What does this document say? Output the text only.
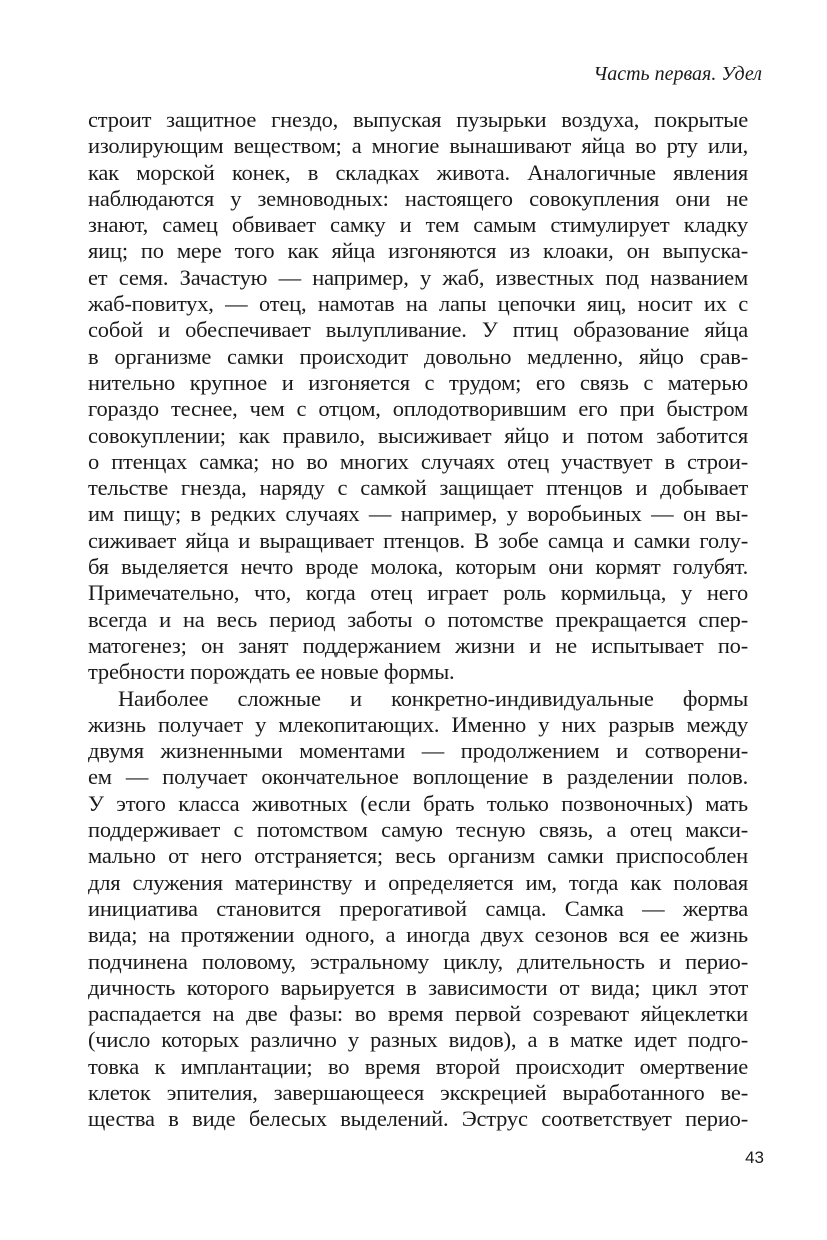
Часть первая. Удел
строит защитное гнездо, выпуская пузырьки воздуха, покрытые
изолирующим веществом; а многие вынашивают яйца во рту или,
как морской конек, в складках живота. Аналогичные явления
наблюдаются у земноводных: настоящего совокупления они не
знают, самец обвивает самку и тем самым стимулирует кладку
яиц; по мере того как яйца изгоняются из клоаки, он выпуска-
ет семя. Зачастую — например, у жаб, известных под названием
жаб-повитух, — отец, намотав на лапы цепочки яиц, носит их с
собой и обеспечивает вылупливание. У птиц образование яйца
в организме самки происходит довольно медленно, яйцо срав-
нительно крупное и изгоняется с трудом; его связь с матерью
гораздо теснее, чем с отцом, оплодотворившим его при быстром
совокуплении; как правило, высиживает яйцо и потом заботится
о птенцах самка; но во многих случаях отец участвует в строи-
тельстве гнезда, наряду с самкой защищает птенцов и добывает
им пищу; в редких случаях — например, у воробьиных — он вы-
сиживает яйца и выращивает птенцов. В зобе самца и самки голу-
бя выделяется нечто вроде молока, которым они кормят голубят.
Примечательно, что, когда отец играет роль кормильца, у него
всегда и на весь период заботы о потомстве прекращается спер-
матогенез; он занят поддержанием жизни и не испытывает по-
требности порождать ее новые формы.
Наиболее сложные и конкретно-индивидуальные формы
жизнь получает у млекопитающих. Именно у них разрыв между
двумя жизненными моментами — продолжением и сотворени-
ем — получает окончательное воплощение в разделении полов.
У этого класса животных (если брать только позвоночных) мать
поддерживает с потомством самую тесную связь, а отец макси-
мально от него отстраняется; весь организм самки приспособлен
для служения материнству и определяется им, тогда как половая
инициатива становится прерогативой самца. Самка — жертва
вида; на протяжении одного, а иногда двух сезонов вся ее жизнь
подчинена половому, эстральному циклу, длительность и перио-
дичность которого варьируется в зависимости от вида; цикл этот
распадается на две фазы: во время первой созревают яйцеклетки
(число которых различно у разных видов), а в матке идет подго-
товка к имплантации; во время второй происходит омертвение
клеток эпителия, завершающееся экскрецией выработанного ве-
щества в виде белесых выделений. Эструс соответствует перио-
43
